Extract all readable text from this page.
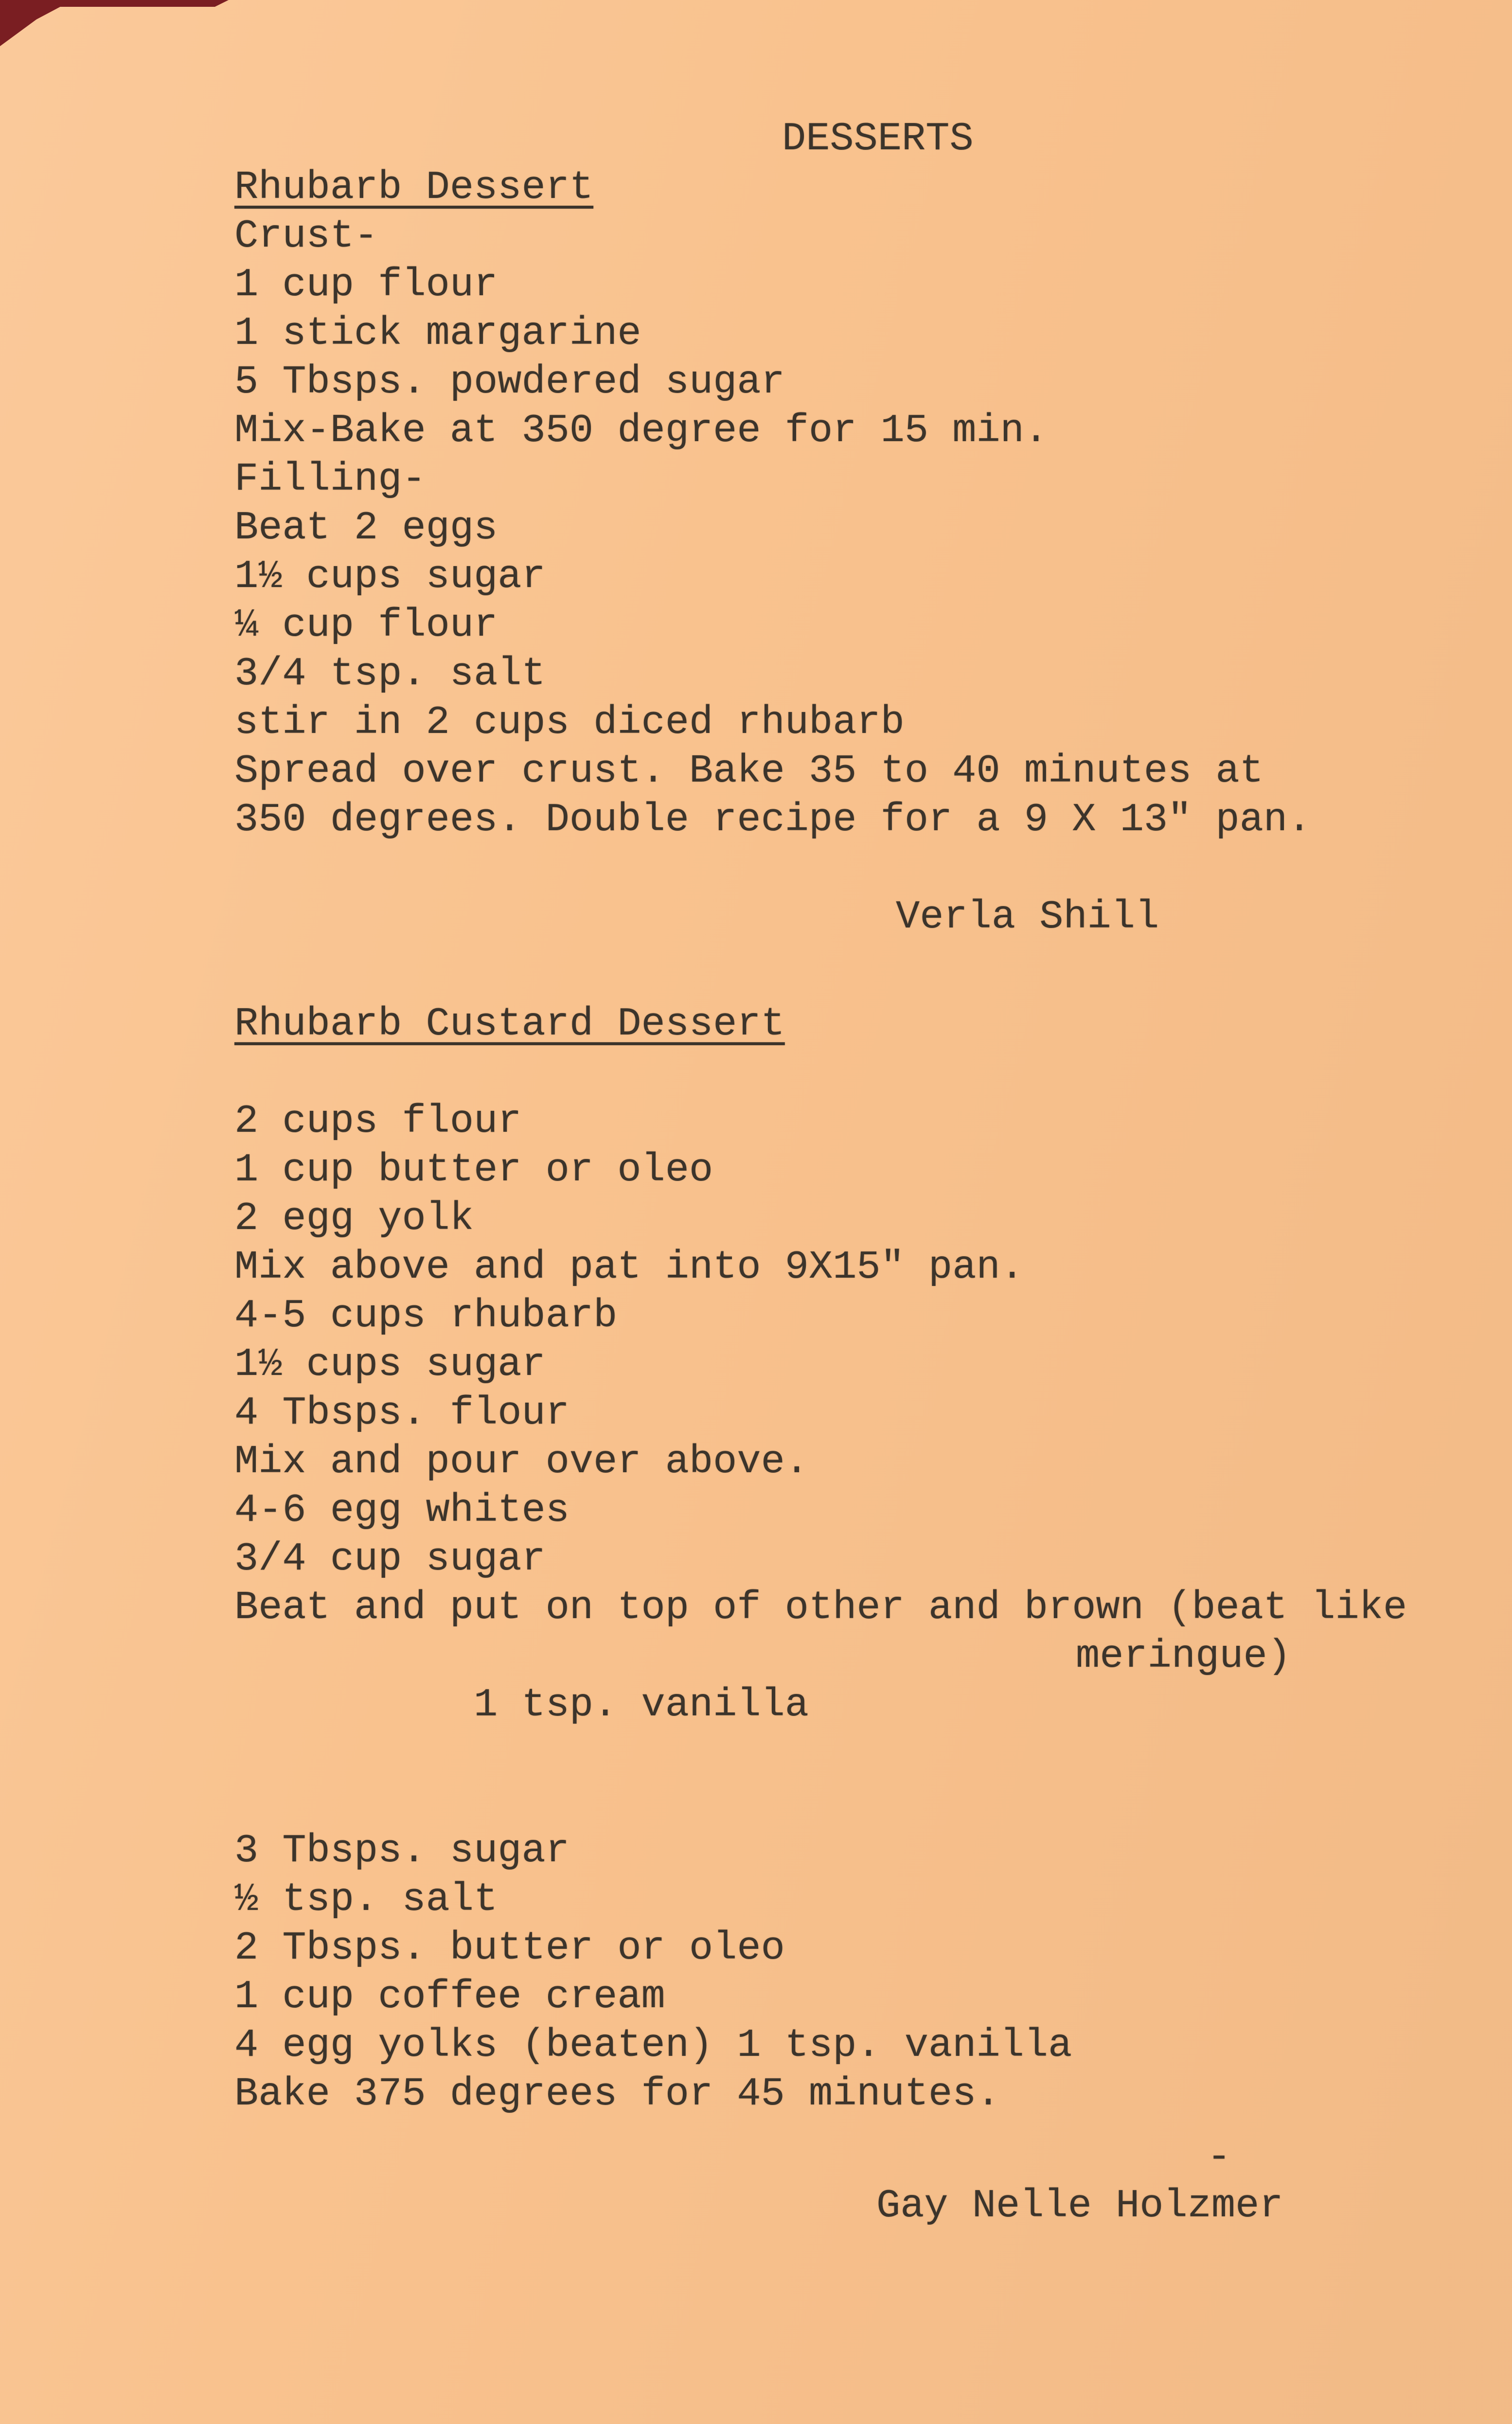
DESSERTS
Rhubarb Dessert
Crust-
1 cup flour
1 stick margarine
5 Tbsps. powdered sugar
Mix-Bake at 350 degree for 15 min.
Filling-
Beat 2 eggs
1½ cups sugar
¼ cup flour
3/4 tsp. salt
stir in 2 cups diced rhubarb
Spread over crust. Bake 35 to 40 minutes at
350 degrees. Double recipe for a 9 X 13" pan.
Verla Shill
Rhubarb Custard Dessert
2 cups flour
1 cup butter or oleo
2 egg yolk
Mix above and pat into 9X15" pan.
4-5 cups rhubarb
1½ cups sugar
4 Tbsps. flour
Mix and pour over above.
4-6 egg whites
3/4 cup sugar
Beat and put on top of other and brown (beat like

1 tsp. vanilla

meringue)

3 Tbsps. sugar
½ tsp. salt
2 Tbsps. butter or oleo
1 cup coffee cream
4 egg yolks (beaten) 1 tsp. vanilla
Bake 375 degrees for 45 minutes.
-
Gay Nelle Holzmer
